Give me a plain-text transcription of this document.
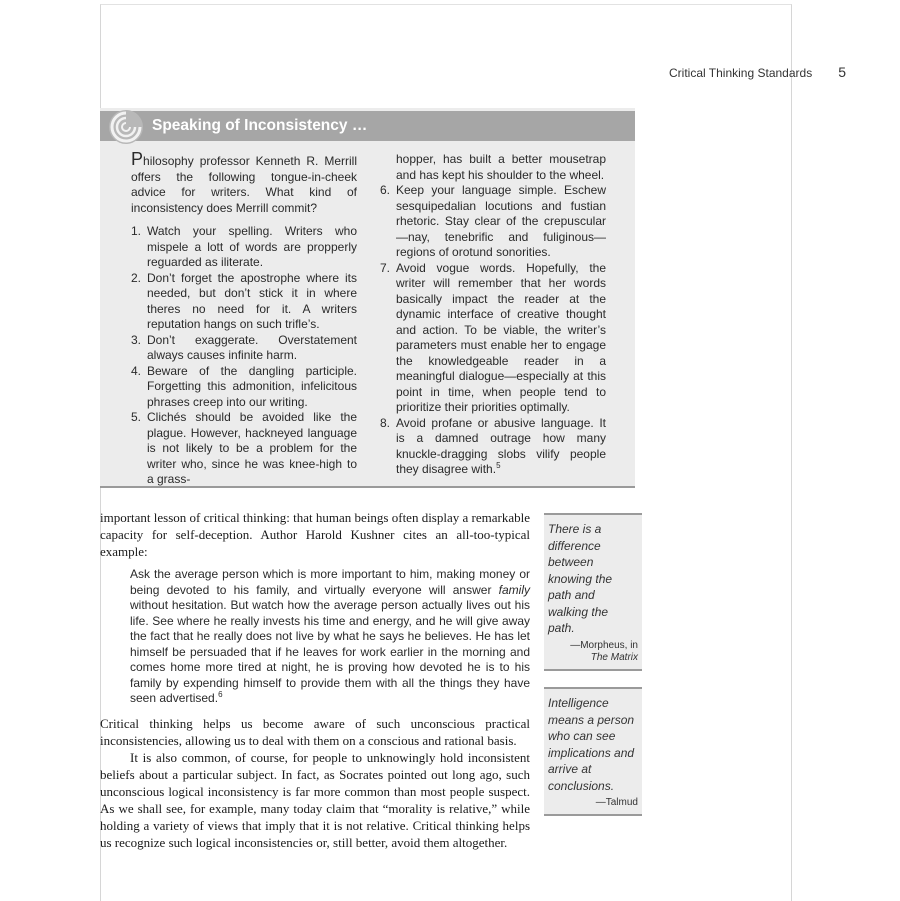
Critical Thinking Standards 5
Speaking of Inconsistency …

Philosophy professor Kenneth R. Merrill offers the following tongue-in-cheek advice for writers. What kind of inconsistency does Merrill commit?

1. Watch your spelling. Writers who mispele a lott of words are propperly reguarded as iliterate.
2. Don’t forget the apostrophe where its needed, but don’t stick it in where theres no need for it. A writers reputation hangs on such trifle’s.
3. Don’t exaggerate. Overstatement always causes infinite harm.
4. Beware of the dangling participle. Forgetting this admonition, infelicitous phrases creep into our writing.
5. Clichés should be avoided like the plague. However, hackneyed language is not likely to be a problem for the writer who, since he was knee-high to a grass-
hopper, has built a better mousetrap and has kept his shoulder to the wheel.
6. Keep your language simple. Eschew sesquipedalian locutions and fustian rhetoric. Stay clear of the crepuscular—nay, tenebrific and fuliginous—regions of orotund sonorities.
7. Avoid vogue words. Hopefully, the writer will remember that her words basically impact the reader at the dynamic interface of creative thought and action. To be viable, the writer’s parameters must enable her to engage the knowledgeable reader in a meaningful dialogue—especially at this point in time, when people tend to prioritize their priorities optimally.
8. Avoid profane or abusive language. It is a damned outrage how many knuckle-dragging slobs vilify people they disagree with.$^5$

important lesson of critical thinking: that human beings often display a remarkable capacity for self-deception. Author Harold Kushner cites an all-too-typical example:

Ask the average person which is more important to him, making money or being devoted to his family, and virtually everyone will answer family without hesitation. But watch how the average person actually lives out his life. See where he really invests his time and energy, and he will give away the fact that he really does not live by what he says he believes. He has let himself be persuaded that if he leaves for work earlier in the morning and comes home more tired at night, he is proving how devoted he is to his family by expending himself to provide them with all the things they have seen advertised.$^6$

Critical thinking helps us become aware of such unconscious practical inconsistencies, allowing us to deal with them on a conscious and rational basis.

It is also common, of course, for people to unknowingly hold inconsistent beliefs about a particular subject. In fact, as Socrates pointed out long ago, such unconscious logical inconsistency is far more common than most people suspect. As we shall see, for example, many today claim that “morality is relative,” while holding a variety of views that imply that it is not relative. Critical thinking helps us recognize such logical inconsistencies or, still better, avoid them altogether.

There is a difference between knowing the path and walking the path.
—Morpheus, in
The Matrix
Intelligence means a person who can see implications and arrive at conclusions.
—Talmud
